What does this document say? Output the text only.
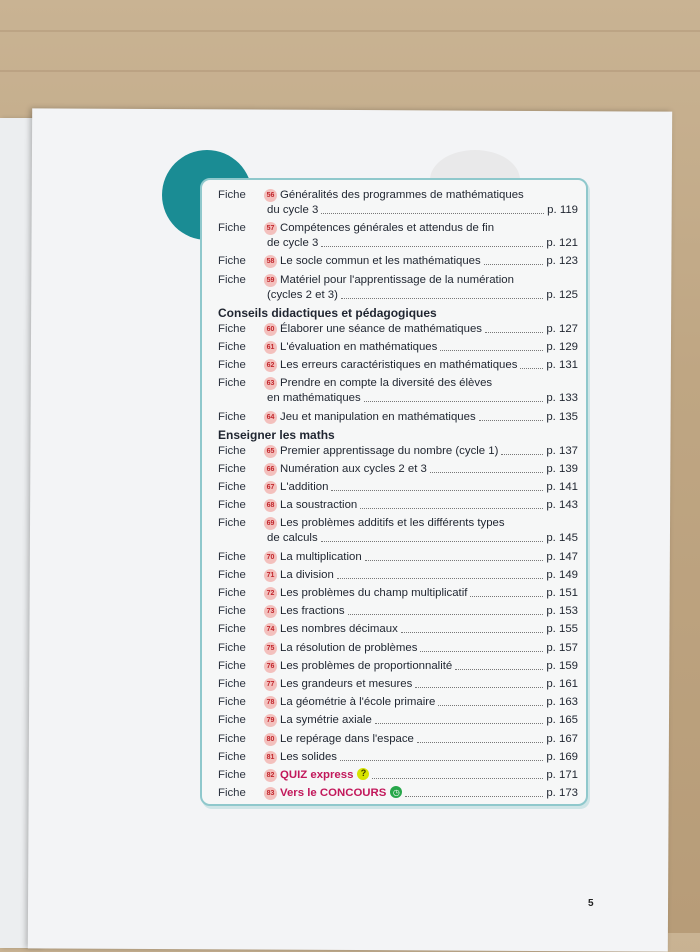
Fiche	56 Généralités des programmes de mathématiques
du cycle 3	p. 119
Fiche	57 Compétences générales et attendus de fin
de cycle 3	p. 121
Fiche	58 Le socle commun et les mathématiques	p. 123
Fiche	59 Matériel pour l'apprentissage de la numération
(cycles 2 et 3)	p. 125
Conseils didactiques et pédagogiques
Fiche	60 Élaborer une séance de mathématiques	p. 127
Fiche	61 L'évaluation en mathématiques	p. 129
Fiche	62 Les erreurs caractéristiques en mathématiques	p. 131
Fiche	63 Prendre en compte la diversité des élèves
en mathématiques	p. 133
Fiche	64 Jeu et manipulation en mathématiques	p. 135
Enseigner les maths
Fiche	65 Premier apprentissage du nombre (cycle 1)	p. 137
Fiche	66 Numération aux cycles 2 et 3	p. 139
Fiche	67 L'addition	p. 141
Fiche	68 La soustraction	p. 143
Fiche	69 Les problèmes additifs et les différents types
de calculs	p. 145
Fiche	70 La multiplication	p. 147
Fiche	71 La division	p. 149
Fiche	72 Les problèmes du champ multiplicatif	p. 151
Fiche	73 Les fractions	p. 153
Fiche	74 Les nombres décimaux	p. 155
Fiche	75 La résolution de problèmes	p. 157
Fiche	76 Les problèmes de proportionnalité	p. 159
Fiche	77 Les grandeurs et mesures	p. 161
Fiche	78 La géométrie à l'école primaire	p. 163
Fiche	79 La symétrie axiale	p. 165
Fiche	80 Le repérage dans l'espace	p. 167
Fiche	81 Les solides	p. 169
Fiche	82 QUIZ express ?	p. 171
Fiche	83 Vers le CONCOURS ◷	p. 173
5
